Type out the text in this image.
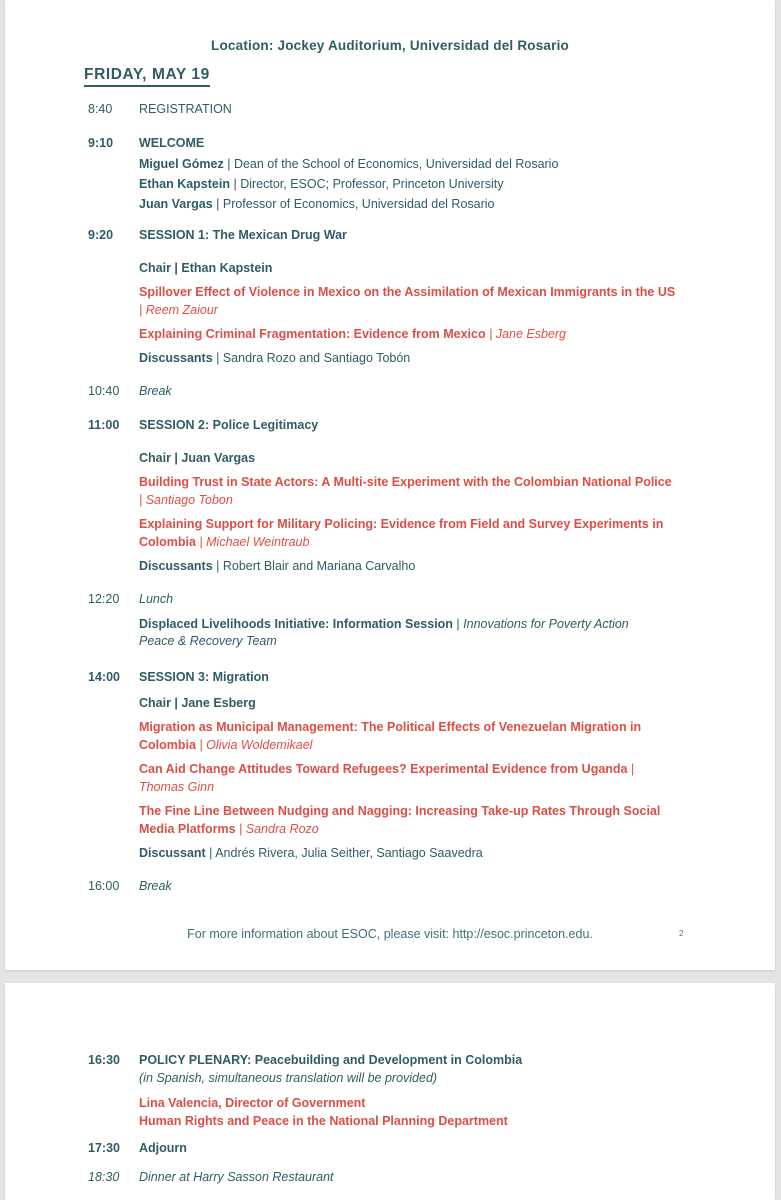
Location: Jockey Auditorium, Universidad del Rosario
FRIDAY, MAY 19
8:40	REGISTRATION
9:10	WELCOME
Miguel Gómez | Dean of the School of Economics, Universidad del Rosario
Ethan Kapstein | Director, ESOC; Professor, Princeton University
Juan Vargas | Professor of Economics, Universidad del Rosario
9:20	SESSION 1: The Mexican Drug War
Chair | Ethan Kapstein
Spillover Effect of Violence in Mexico on the Assimilation of Mexican Immigrants in the US
| Reem Zaiour
Explaining Criminal Fragmentation: Evidence from Mexico | Jane Esberg
Discussants | Sandra Rozo and Santiago Tobón
10:40	Break
11:00	SESSION 2: Police Legitimacy
Chair | Juan Vargas
Building Trust in State Actors: A Multi-site Experiment with the Colombian National Police
| Santiago Tobon
Explaining Support for Military Policing: Evidence from Field and Survey Experiments in
Colombia | Michael Weintraub
Discussants | Robert Blair and Mariana Carvalho
12:20	Lunch
Displaced Livelihoods Initiative: Information Session | Innovations for Poverty Action
Peace & Recovery Team
14:00	SESSION 3: Migration
Chair | Jane Esberg
Migration as Municipal Management: The Political Effects of Venezuelan Migration in
Colombia | Olivia Woldemikael
Can Aid Change Attitudes Toward Refugees? Experimental Evidence from Uganda |
Thomas Ginn
The Fine Line Between Nudging and Nagging: Increasing Take-up Rates Through Social
Media Platforms | Sandra Rozo
Discussant | Andrés Rivera, Julia Seither, Santiago Saavedra
16:00	Break
For more information about ESOC, please visit: http://esoc.princeton.edu.	2
16:30	POLICY PLENARY: Peacebuilding and Development in Colombia
(in Spanish, simultaneous translation will be provided)
Lina Valencia, Director of Government
Human Rights and Peace in the National Planning Department
17:30	Adjourn
18:30	Dinner at Harry Sasson Restaurant
